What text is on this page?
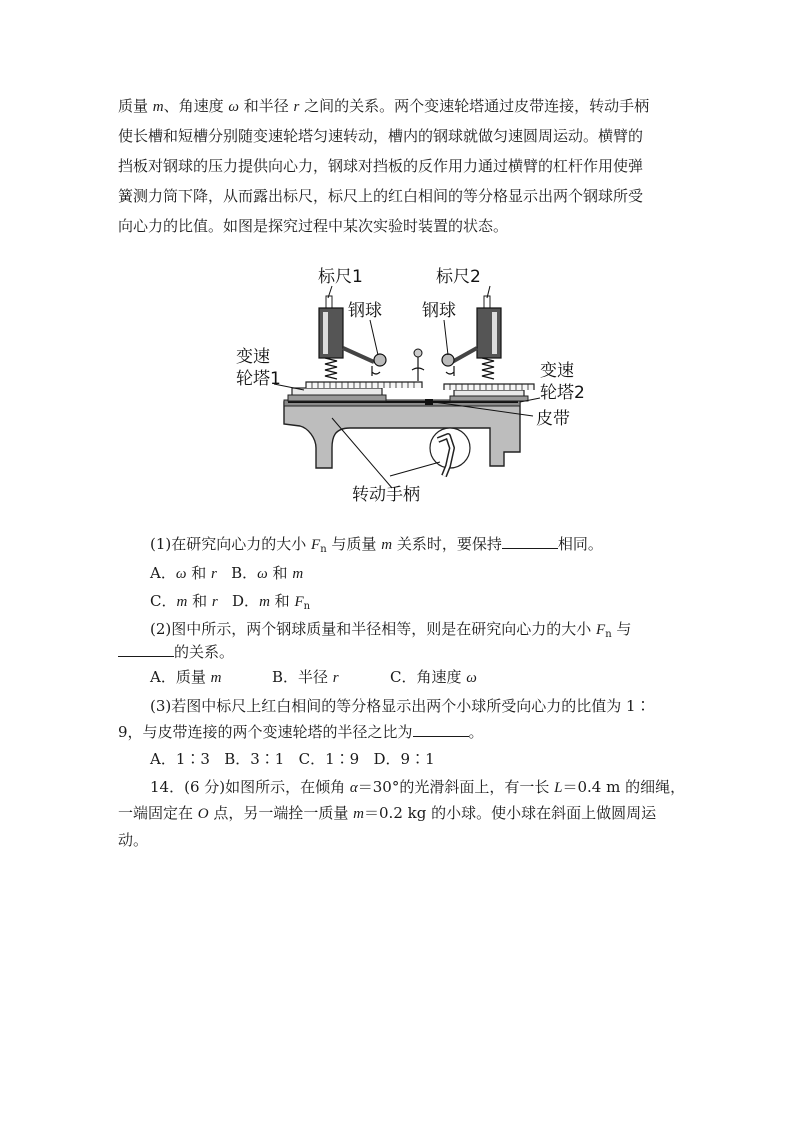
质量 m、角速度 ω 和半径 r 之间的关系。两个变速轮塔通过皮带连接，转动手柄
使长槽和短槽分别随变速轮塔匀速转动，槽内的钢球就做匀速圆周运动。横臂的
挡板对钢球的压力提供向心力，钢球对挡板的反作用力通过横臂的杠杆作用使弹
簧测力筒下降，从而露出标尺，标尺上的红白相间的等分格显示出两个钢球所受
向心力的比值。如图是探究过程中某次实验时装置的状态。
标尺1	标尺2
钢球 钢球
变速
轮塔1	变速
轮塔2
皮带
转动手柄
(1)在研究向心力的大小 $F_n$ 与质量 m 关系时，要保持	相同。
A．ω 和 r B．ω 和 m
C．m 和 r D．m 和 $F_n$
(2)图中所示，两个钢球质量和半径相等，则是在研究向心力的大小 $F_n$ 与
的关系。
A．质量 m	B．半径 r	C．角速度 ω
(3)若图中标尺上红白相间的等分格显示出两个小球所受向心力的比值为 1∶
9，与皮带连接的两个变速轮塔的半径之比为	。
A．1∶3   B．3∶1   C．1∶9   D．9∶1
14．(6 分)如图所示，在倾角 α＝30°的光滑斜面上，有一长 L＝0.4 m 的细绳，
一端固定在 O 点，另一端拴一质量 m＝0.2 kg 的小球。使小球在斜面上做圆周运
动。
